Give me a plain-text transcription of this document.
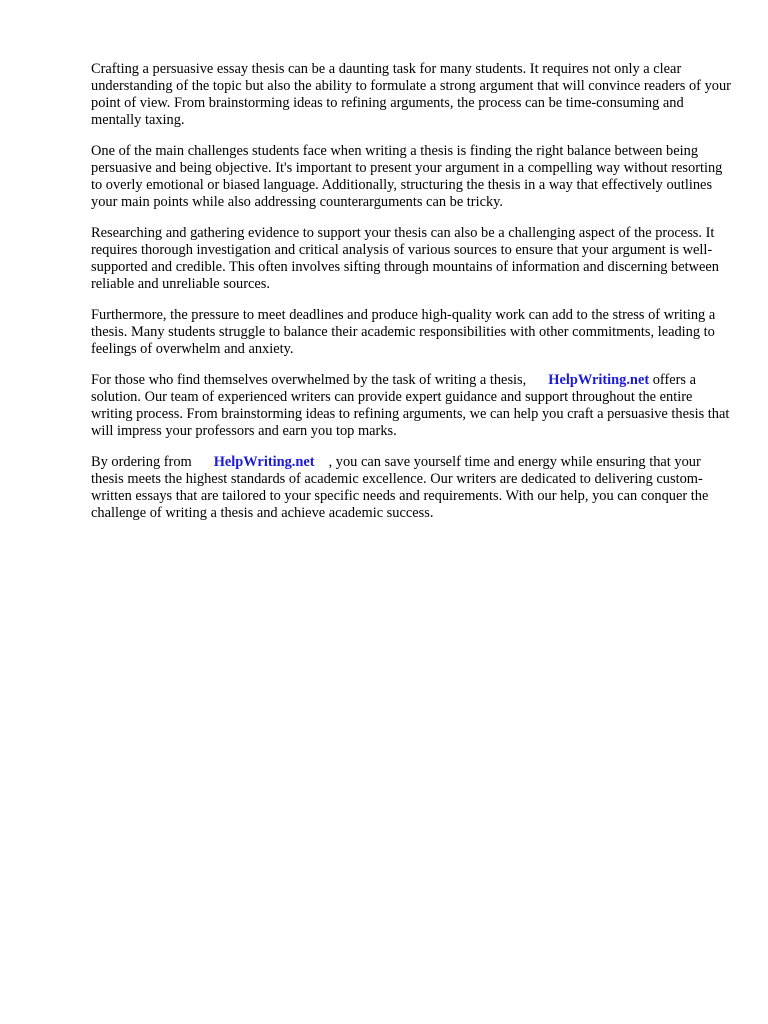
Crafting a persuasive essay thesis can be a daunting task for many students. It requires not only a clear understanding of the topic but also the ability to formulate a strong argument that will convince readers of your point of view. From brainstorming ideas to refining arguments, the process can be time-consuming and mentally taxing.

One of the main challenges students face when writing a thesis is finding the right balance between being persuasive and being objective. It's important to present your argument in a compelling way without resorting to overly emotional or biased language. Additionally, structuring the thesis in a way that effectively outlines your main points while also addressing counterarguments can be tricky.

Researching and gathering evidence to support your thesis can also be a challenging aspect of the process. It requires thorough investigation and critical analysis of various sources to ensure that your argument is well-supported and credible. This often involves sifting through mountains of information and discerning between reliable and unreliable sources.

Furthermore, the pressure to meet deadlines and produce high-quality work can add to the stress of writing a thesis. Many students struggle to balance their academic responsibilities with other commitments, leading to feelings of overwhelm and anxiety.

For those who find themselves overwhelmed by the task of writing a thesis, HelpWriting.net offers a solution. Our team of experienced writers can provide expert guidance and support throughout the entire writing process. From brainstorming ideas to refining arguments, we can help you craft a persuasive thesis that will impress your professors and earn you top marks.

By ordering from HelpWriting.net , you can save yourself time and energy while ensuring that your thesis meets the highest standards of academic excellence. Our writers are dedicated to delivering custom-written essays that are tailored to your specific needs and requirements. With our help, you can conquer the challenge of writing a thesis and achieve academic success.
